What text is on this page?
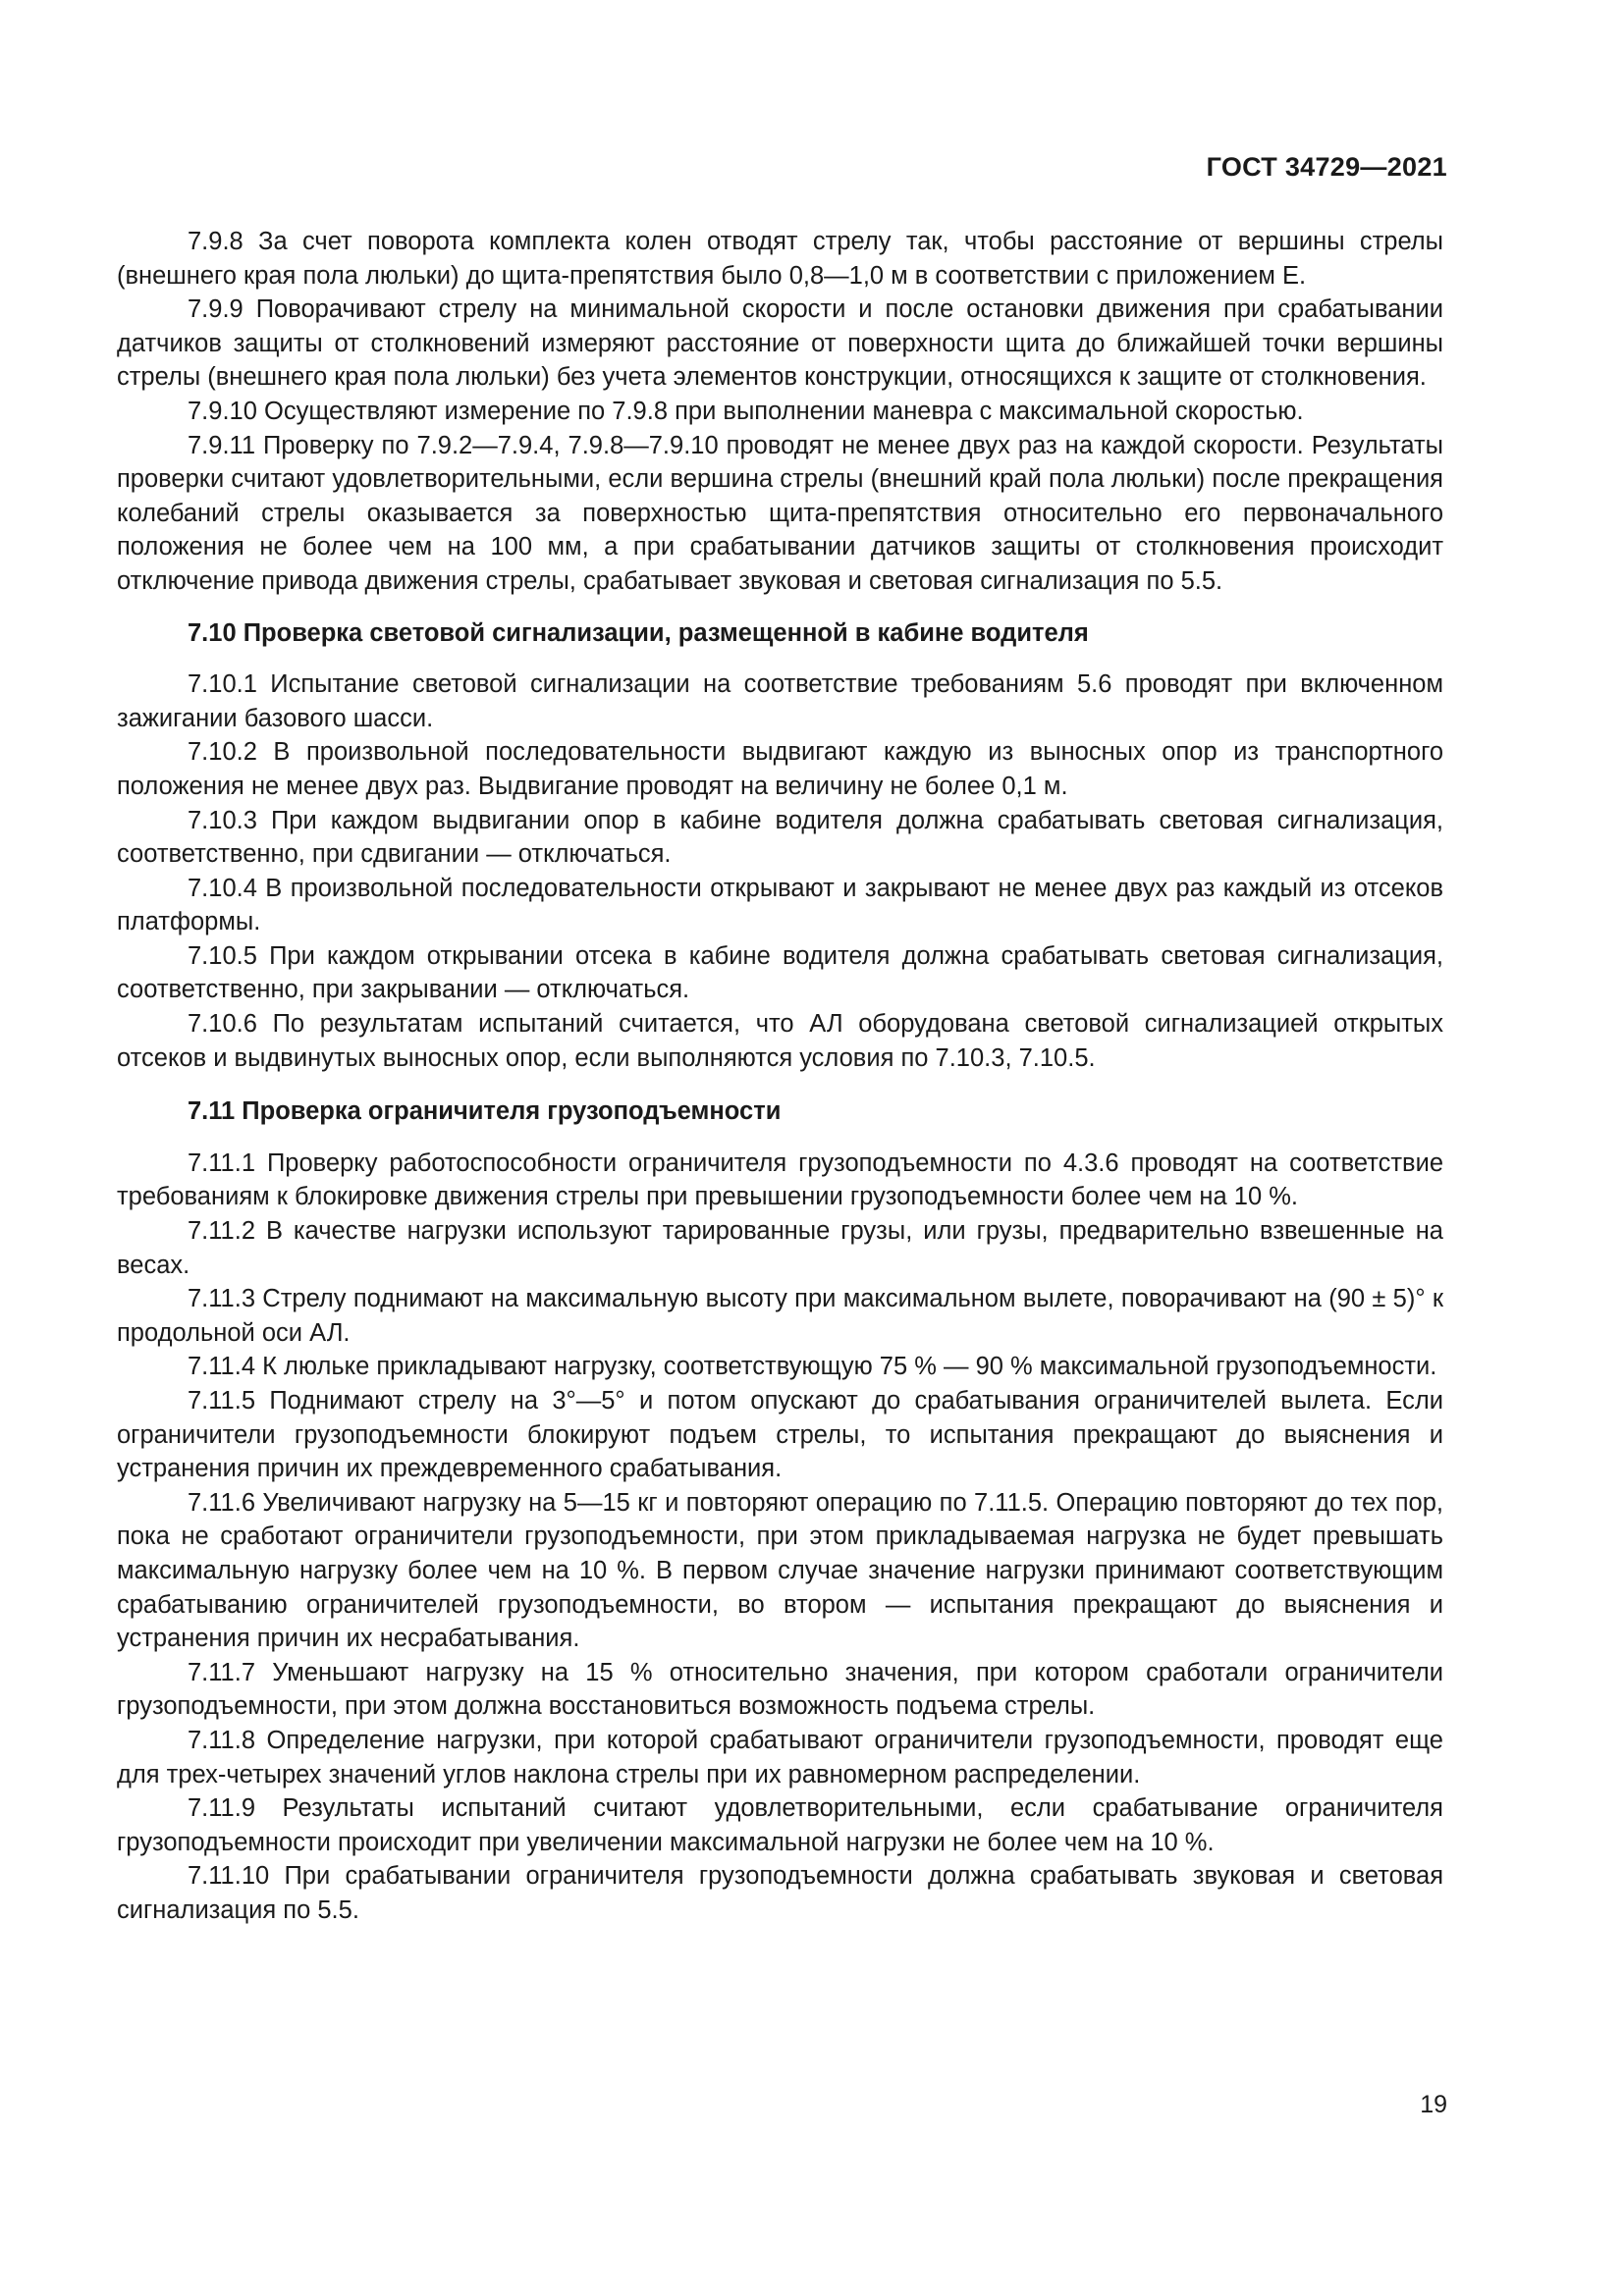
ГОСТ 34729—2021

7.9.8 За счет поворота комплекта колен отводят стрелу так, чтобы расстояние от вершины стрелы (внешнего края пола люльки) до щита-препятствия было 0,8—1,0 м в соответствии с приложением Е.

7.9.9 Поворачивают стрелу на минимальной скорости и после остановки движения при срабатывании датчиков защиты от столкновений измеряют расстояние от поверхности щита до ближайшей точки вершины стрелы (внешнего края пола люльки) без учета элементов конструкции, относящихся к защите от столкновения.

7.9.10 Осуществляют измерение по 7.9.8 при выполнении маневра с максимальной скоростью.

7.9.11 Проверку по 7.9.2—7.9.4, 7.9.8—7.9.10 проводят не менее двух раз на каждой скорости. Результаты проверки считают удовлетворительными, если вершина стрелы (внешний край пола люльки) после прекращения колебаний стрелы оказывается за поверхностью щита-препятствия относительно его первоначального положения не более чем на 100 мм, а при срабатывании датчиков защиты от столкновения происходит отключение привода движения стрелы, срабатывает звуковая и световая сигнализация по 5.5.

7.10 Проверка световой сигнализации, размещенной в кабине водителя

7.10.1 Испытание световой сигнализации на соответствие требованиям 5.6 проводят при включенном зажигании базового шасси.

7.10.2 В произвольной последовательности выдвигают каждую из выносных опор из транспортного положения не менее двух раз. Выдвигание проводят на величину не более 0,1 м.

7.10.3 При каждом выдвигании опор в кабине водителя должна срабатывать световая сигнализация, соответственно, при сдвигании — отключаться.

7.10.4 В произвольной последовательности открывают и закрывают не менее двух раз каждый из отсеков платформы.

7.10.5 При каждом открывании отсека в кабине водителя должна срабатывать световая сигнализация, соответственно, при закрывании — отключаться.

7.10.6 По результатам испытаний считается, что АЛ оборудована световой сигнализацией открытых отсеков и выдвинутых выносных опор, если выполняются условия по 7.10.3, 7.10.5.

7.11 Проверка ограничителя грузоподъемности

7.11.1 Проверку работоспособности ограничителя грузоподъемности по 4.3.6 проводят на соответствие требованиям к блокировке движения стрелы при превышении грузоподъемности более чем на 10 %.

7.11.2 В качестве нагрузки используют тарированные грузы, или грузы, предварительно взвешенные на весах.

7.11.3 Стрелу поднимают на максимальную высоту при максимальном вылете, поворачивают на (90 ± 5)° к продольной оси АЛ.

7.11.4 К люльке прикладывают нагрузку, соответствующую 75 % — 90 % максимальной грузоподъемности.

7.11.5 Поднимают стрелу на 3°—5° и потом опускают до срабатывания ограничителей вылета. Если ограничители грузоподъемности блокируют подъем стрелы, то испытания прекращают до выяснения и устранения причин их преждевременного срабатывания.

7.11.6 Увеличивают нагрузку на 5—15 кг и повторяют операцию по 7.11.5. Операцию повторяют до тех пор, пока не сработают ограничители грузоподъемности, при этом прикладываемая нагрузка не будет превышать максимальную нагрузку более чем на 10 %. В первом случае значение нагрузки принимают соответствующим срабатыванию ограничителей грузоподъемности, во втором — испытания прекращают до выяснения и устранения причин их несрабатывания.

7.11.7 Уменьшают нагрузку на 15 % относительно значения, при котором сработали ограничители грузоподъемности, при этом должна восстановиться возможность подъема стрелы.

7.11.8 Определение нагрузки, при которой срабатывают ограничители грузоподъемности, проводят еще для трех-четырех значений углов наклона стрелы при их равномерном распределении.

7.11.9 Результаты испытаний считают удовлетворительными, если срабатывание ограничителя грузоподъемности происходит при увеличении максимальной нагрузки не более чем на 10 %.

7.11.10 При срабатывании ограничителя грузоподъемности должна срабатывать звуковая и световая сигнализация по 5.5.

19
